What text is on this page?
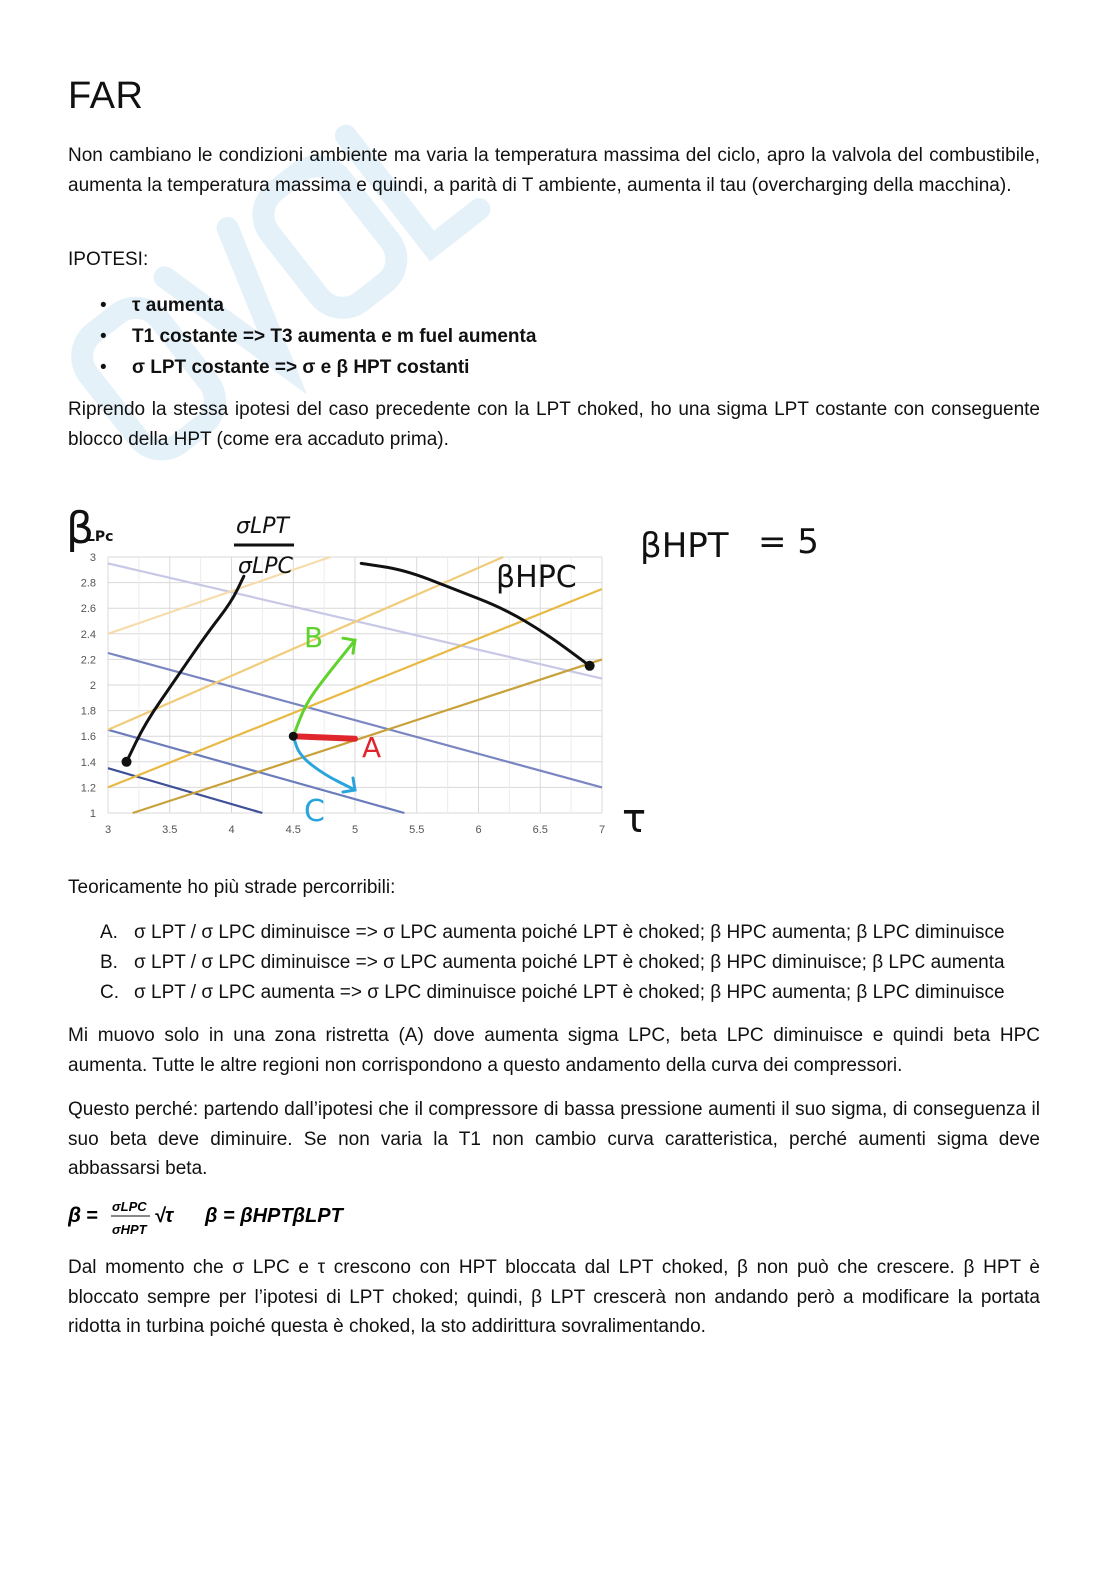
FAR
Non cambiano le condizioni ambiente ma varia la temperatura massima del ciclo, apro la valvola del combustibile, aumenta la temperatura massima e quindi, a parità di T ambiente, aumenta il tau (overcharging della macchina).
IPOTESI:
• τ aumenta
• T1 costante => T3 aumenta e m fuel aumenta
• σ LPT costante => σ e β HPT costanti
Riprendo la stessa ipotesi del caso precedente con la LPT choked, ho una sigma LPT costante con conseguente blocco della HPT (come era accaduto prima).
Teoricamente ho più strade percorribili:
A. σ LPT / σ LPC diminuisce => σ LPC aumenta poiché LPT è choked; β HPC aumenta; β LPC diminuisce
B. σ LPT / σ LPC diminuisce => σ LPC aumenta poiché LPT è choked; β HPC diminuisce; β LPC aumenta
C. σ LPT / σ LPC aumenta => σ LPC diminuisce poiché LPT è choked; β HPC aumenta; β LPC diminuisce
Mi muovo solo in una zona ristretta (A) dove aumenta sigma LPC, beta LPC diminuisce e quindi beta HPC aumenta. Tutte le altre regioni non corrispondono a questo andamento della curva dei compressori.
Questo perché: partendo dall’ipotesi che il compressore di bassa pressione aumenti il suo sigma, di conseguenza il suo beta deve diminuire. Se non varia la T1 non cambio curva caratteristica, perché aumenti sigma deve abbassarsi beta.
β = σLPC
σHPT
√τ β = βHPTβLPT
Dal momento che σ LPC e τ crescono con HPT bloccata dal LPT choked, β non può che crescere. β HPT è bloccato sempre per l’ipotesi di LPT choked; quindi, β LPT crescerà non andando però a modificare la portata ridotta in turbina poiché questa è choked, la sto addirittura sovralimentando.
3	3.5	4	4.5	5	5.5	6	6.5	7
1
1.2
1.4
1.6
1.8
2
2.2
2.4
2.6
2.8
3
β
LPc	σLPT
σLPC
βHPT = 5
βHPC
τ
A
B
C
